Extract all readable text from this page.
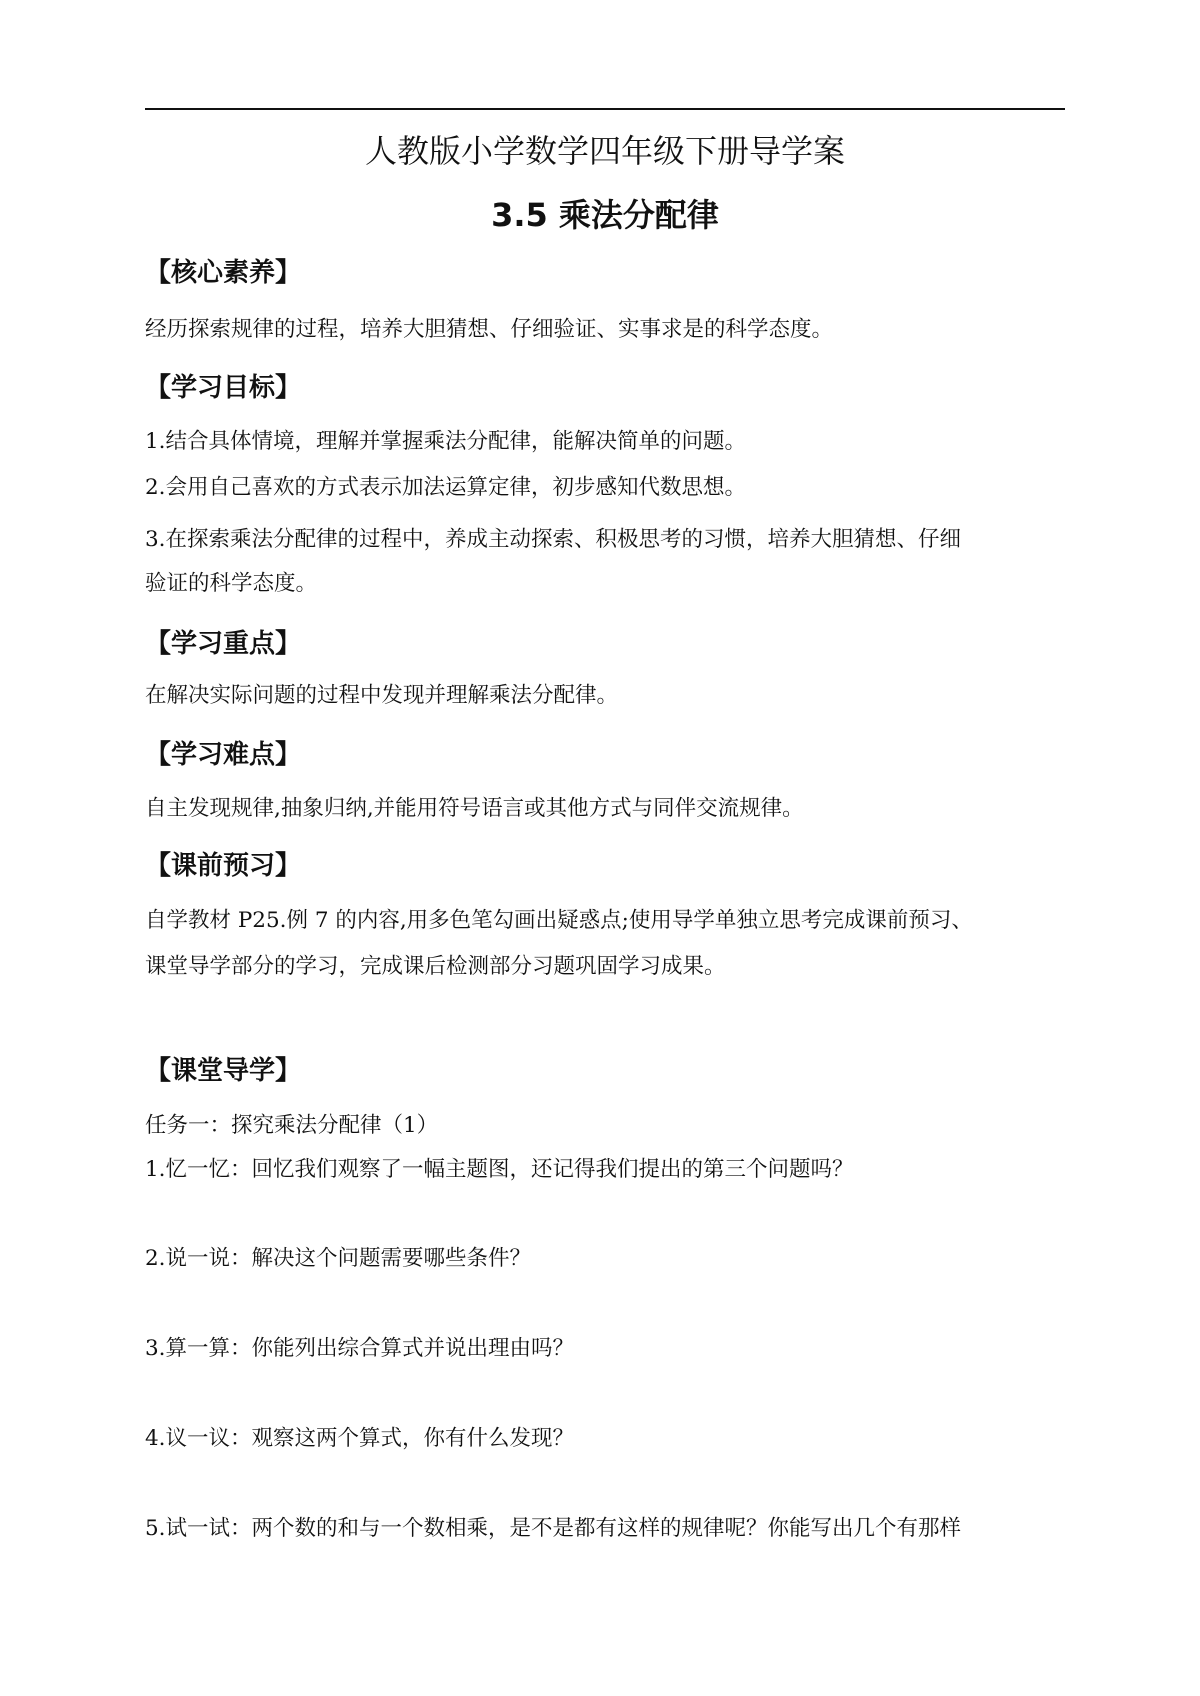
人教版小学数学四年级下册导学案
3.5 乘法分配律
【核心素养】
经历探索规律的过程，培养大胆猜想、仔细验证、实事求是的科学态度。
【学习目标】
1.结合具体情境，理解并掌握乘法分配律，能解决简单的问题。
2.会用自己喜欢的方式表示加法运算定律，初步感知代数思想。
3.在探索乘法分配律的过程中，养成主动探索、积极思考的习惯，培养大胆猜想、仔细
验证的科学态度。
【学习重点】
在解决实际问题的过程中发现并理解乘法分配律。
【学习难点】
自主发现规律,抽象归纳,并能用符号语言或其他方式与同伴交流规律。
【课前预习】
自学教材 P25.例 7 的内容,用多色笔勾画出疑惑点;使用导学单独立思考完成课前预习、
课堂导学部分的学习，完成课后检测部分习题巩固学习成果。
【课堂导学】
任务一：探究乘法分配律（1）
1.忆一忆：回忆我们观察了一幅主题图，还记得我们提出的第三个问题吗？
2.说一说：解决这个问题需要哪些条件？
3.算一算：你能列出综合算式并说出理由吗？
4.议一议：观察这两个算式，你有什么发现？
5.试一试：两个数的和与一个数相乘，是不是都有这样的规律呢？你能写出几个有那样
